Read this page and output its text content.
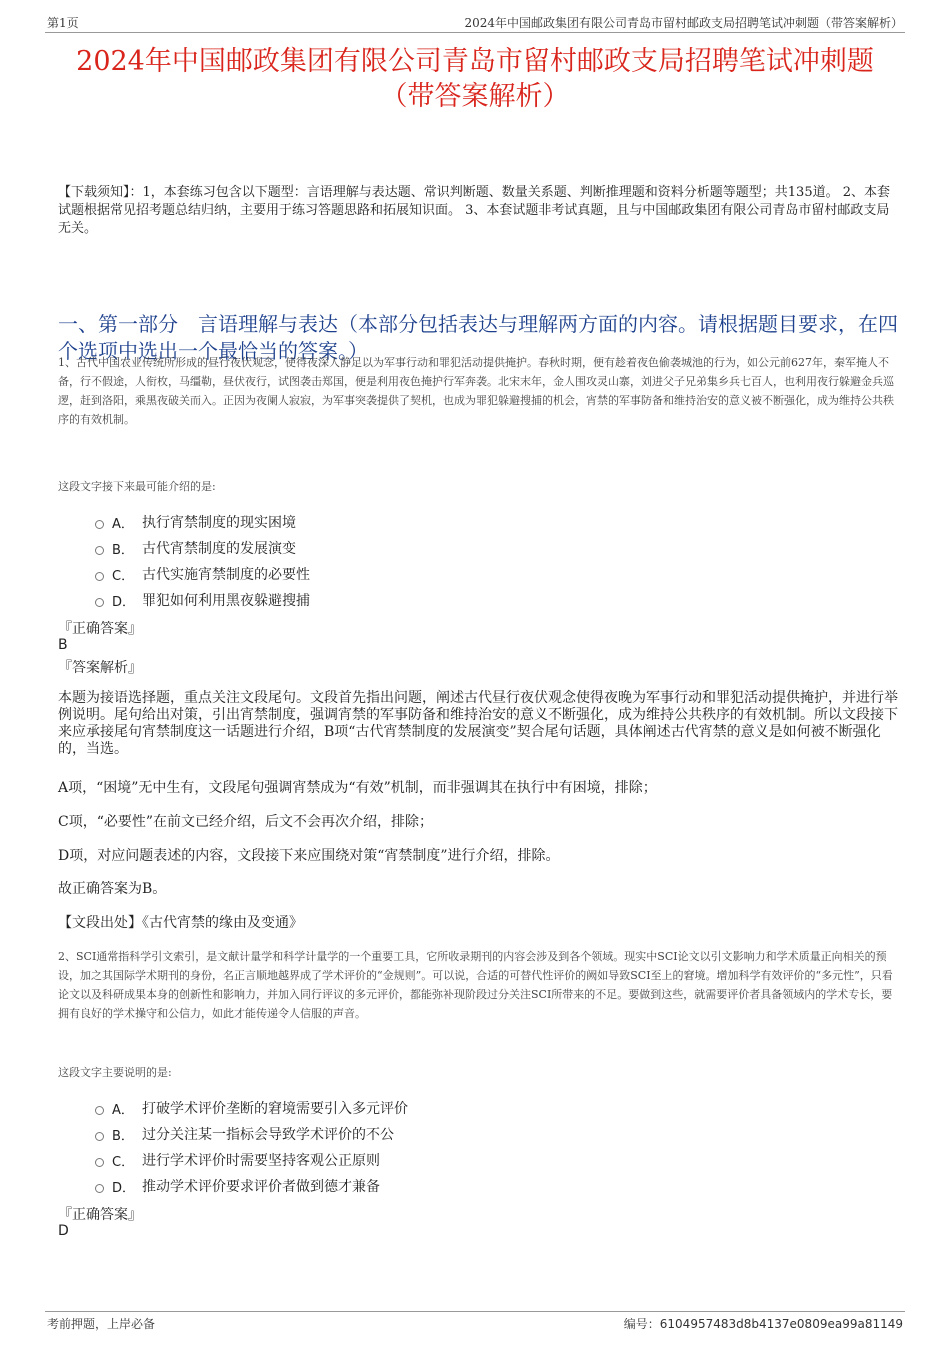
第1页	2024年中国邮政集团有限公司青岛市留村邮政支局招聘笔试冲刺题（带答案解析）
2024年中国邮政集团有限公司青岛市留村邮政支局招聘笔试冲刺题（带答案解析）
【下载须知】：1，本套练习包含以下题型：言语理解与表达题、常识判断题、数量关系题、判断推理题和资料分析题等题型；共135道。 2、本套试题根据常见招考题总结归纳，主要用于练习答题思路和拓展知识面。 3、本套试题非考试真题，且与中国邮政集团有限公司青岛市留村邮政支局无关。
一、第一部分　言语理解与表达（本部分包括表达与理解两方面的内容。请根据题目要求，在四个选项中选出一个最恰当的答案。）
1、古代中国农业传统所形成的昼行夜伏观念，使得夜深人静足以为军事行动和罪犯活动提供掩护。春秋时期，便有趁着夜色偷袭城池的行为，如公元前627年，秦军掩人不备，行不假途，人衔枚，马缰勒，昼伏夜行，试图袭击郑国，便是利用夜色掩护行军奔袭。北宋末年，金人围攻灵山寨，刘进父子兄弟集乡兵七百人，也利用夜行躲避金兵巡逻，赶到洛阳，乘黑夜破关而入。正因为夜阑人寂寂，为军事突袭提供了契机，也成为罪犯躲避搜捕的机会，宵禁的军事防备和维持治安的意义被不断强化，成为维持公共秩序的有效机制。
这段文字接下来最可能介绍的是:
A． 执行宵禁制度的现实困境
B． 古代宵禁制度的发展演变
C． 古代实施宵禁制度的必要性
D． 罪犯如何利用黑夜躲避搜捕
『正确答案』
B
『答案解析』
本题为接语选择题，重点关注文段尾句。文段首先指出问题，阐述古代昼行夜伏观念使得夜晚为军事行动和罪犯活动提供掩护，并进行举例说明。尾句给出对策，引出宵禁制度，强调宵禁的军事防备和维持治安的意义不断强化，成为维持公共秩序的有效机制。所以文段接下来应承接尾句宵禁制度这一话题进行介绍，B项“古代宵禁制度的发展演变”契合尾句话题，具体阐述古代宵禁的意义是如何被不断强化的，当选。
A项，“困境”无中生有，文段尾句强调宵禁成为“有效”机制，而非强调其在执行中有困境，排除；
C项，“必要性”在前文已经介绍，后文不会再次介绍，排除；
D项，对应问题表述的内容，文段接下来应围绕对策“宵禁制度”进行介绍，排除。
故正确答案为B。
【文段出处】《古代宵禁的缘由及变通》
2、SCI通常指科学引文索引，是文献计量学和科学计量学的一个重要工具，它所收录期刊的内容会涉及到各个领域。现实中SCI论文以引文影响力和学术质量正向相关的预设，加之其国际学术期刊的身份，名正言顺地越界成了学术评价的“金规则”。可以说，合适的可替代性评价的阙如导致SCI至上的窘境。增加科学有效评价的“多元性”，只看论文以及科研成果本身的创新性和影响力，并加入同行评议的多元评价，都能弥补现阶段过分关注SCI所带来的不足。要做到这些，就需要评价者具备领域内的学术专长，要拥有良好的学术操守和公信力，如此才能传递令人信服的声音。
这段文字主要说明的是:
A． 打破学术评价垄断的窘境需要引入多元评价
B． 过分关注某一指标会导致学术评价的不公
C． 进行学术评价时需要坚持客观公正原则
D． 推动学术评价要求评价者做到德才兼备
『正确答案』
D
考前押题，上岸必备	编号：6104957483d8b4137e0809ea99a81149
